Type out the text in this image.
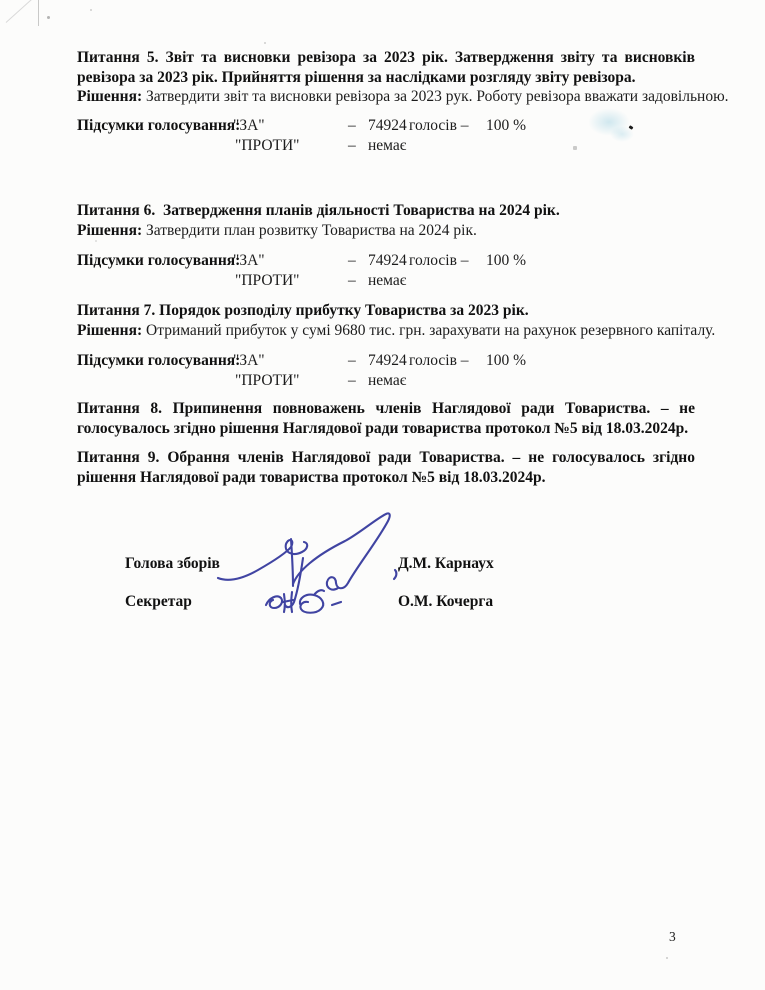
Питання 5. Звіт та висновки ревізора за 2023 рік. Затвердження звіту та висновків ревізора за 2023 рік. Прийняття рішення за наслідками розгляду звіту ревізора.

Рішення: Затвердити звіт та висновки ревізора за 2023 рук. Роботу ревізора вважати задовільною.

Підсумки голосування:
"ЗА"	– 74924 голосів – 100 %
"ПРОТИ"	– немає

Питання 6.  Затвердження планів діяльності Товариства на 2024 рік.

Рішення: Затвердити план розвитку Товариства на 2024 рік.

Підсумки голосування:
"ЗА"	– 74924 голосів – 100 %
"ПРОТИ"	– немає

Питання 7. Порядок розподілу прибутку Товариства за 2023 рік.

Рішення: Отриманий прибуток у сумі 9680 тис. грн. зарахувати на рахунок резервного капіталу.

Підсумки голосування:
"ЗА"	– 74924 голосів – 100 %
"ПРОТИ"	– немає

Питання 8. Припинення повноважень членів Наглядової ради Товариства. – не голосувалось згідно рішення Наглядової ради товариства протокол №5 від 18.03.2024р.

Питання 9. Обрання членів Наглядової ради Товариства. – не голосувалось згідно рішення Наглядової ради товариства протокол №5 від 18.03.2024р.

Голова зборів	Д.М. Карнаух
Секретар	О.М. Кочерга
3
